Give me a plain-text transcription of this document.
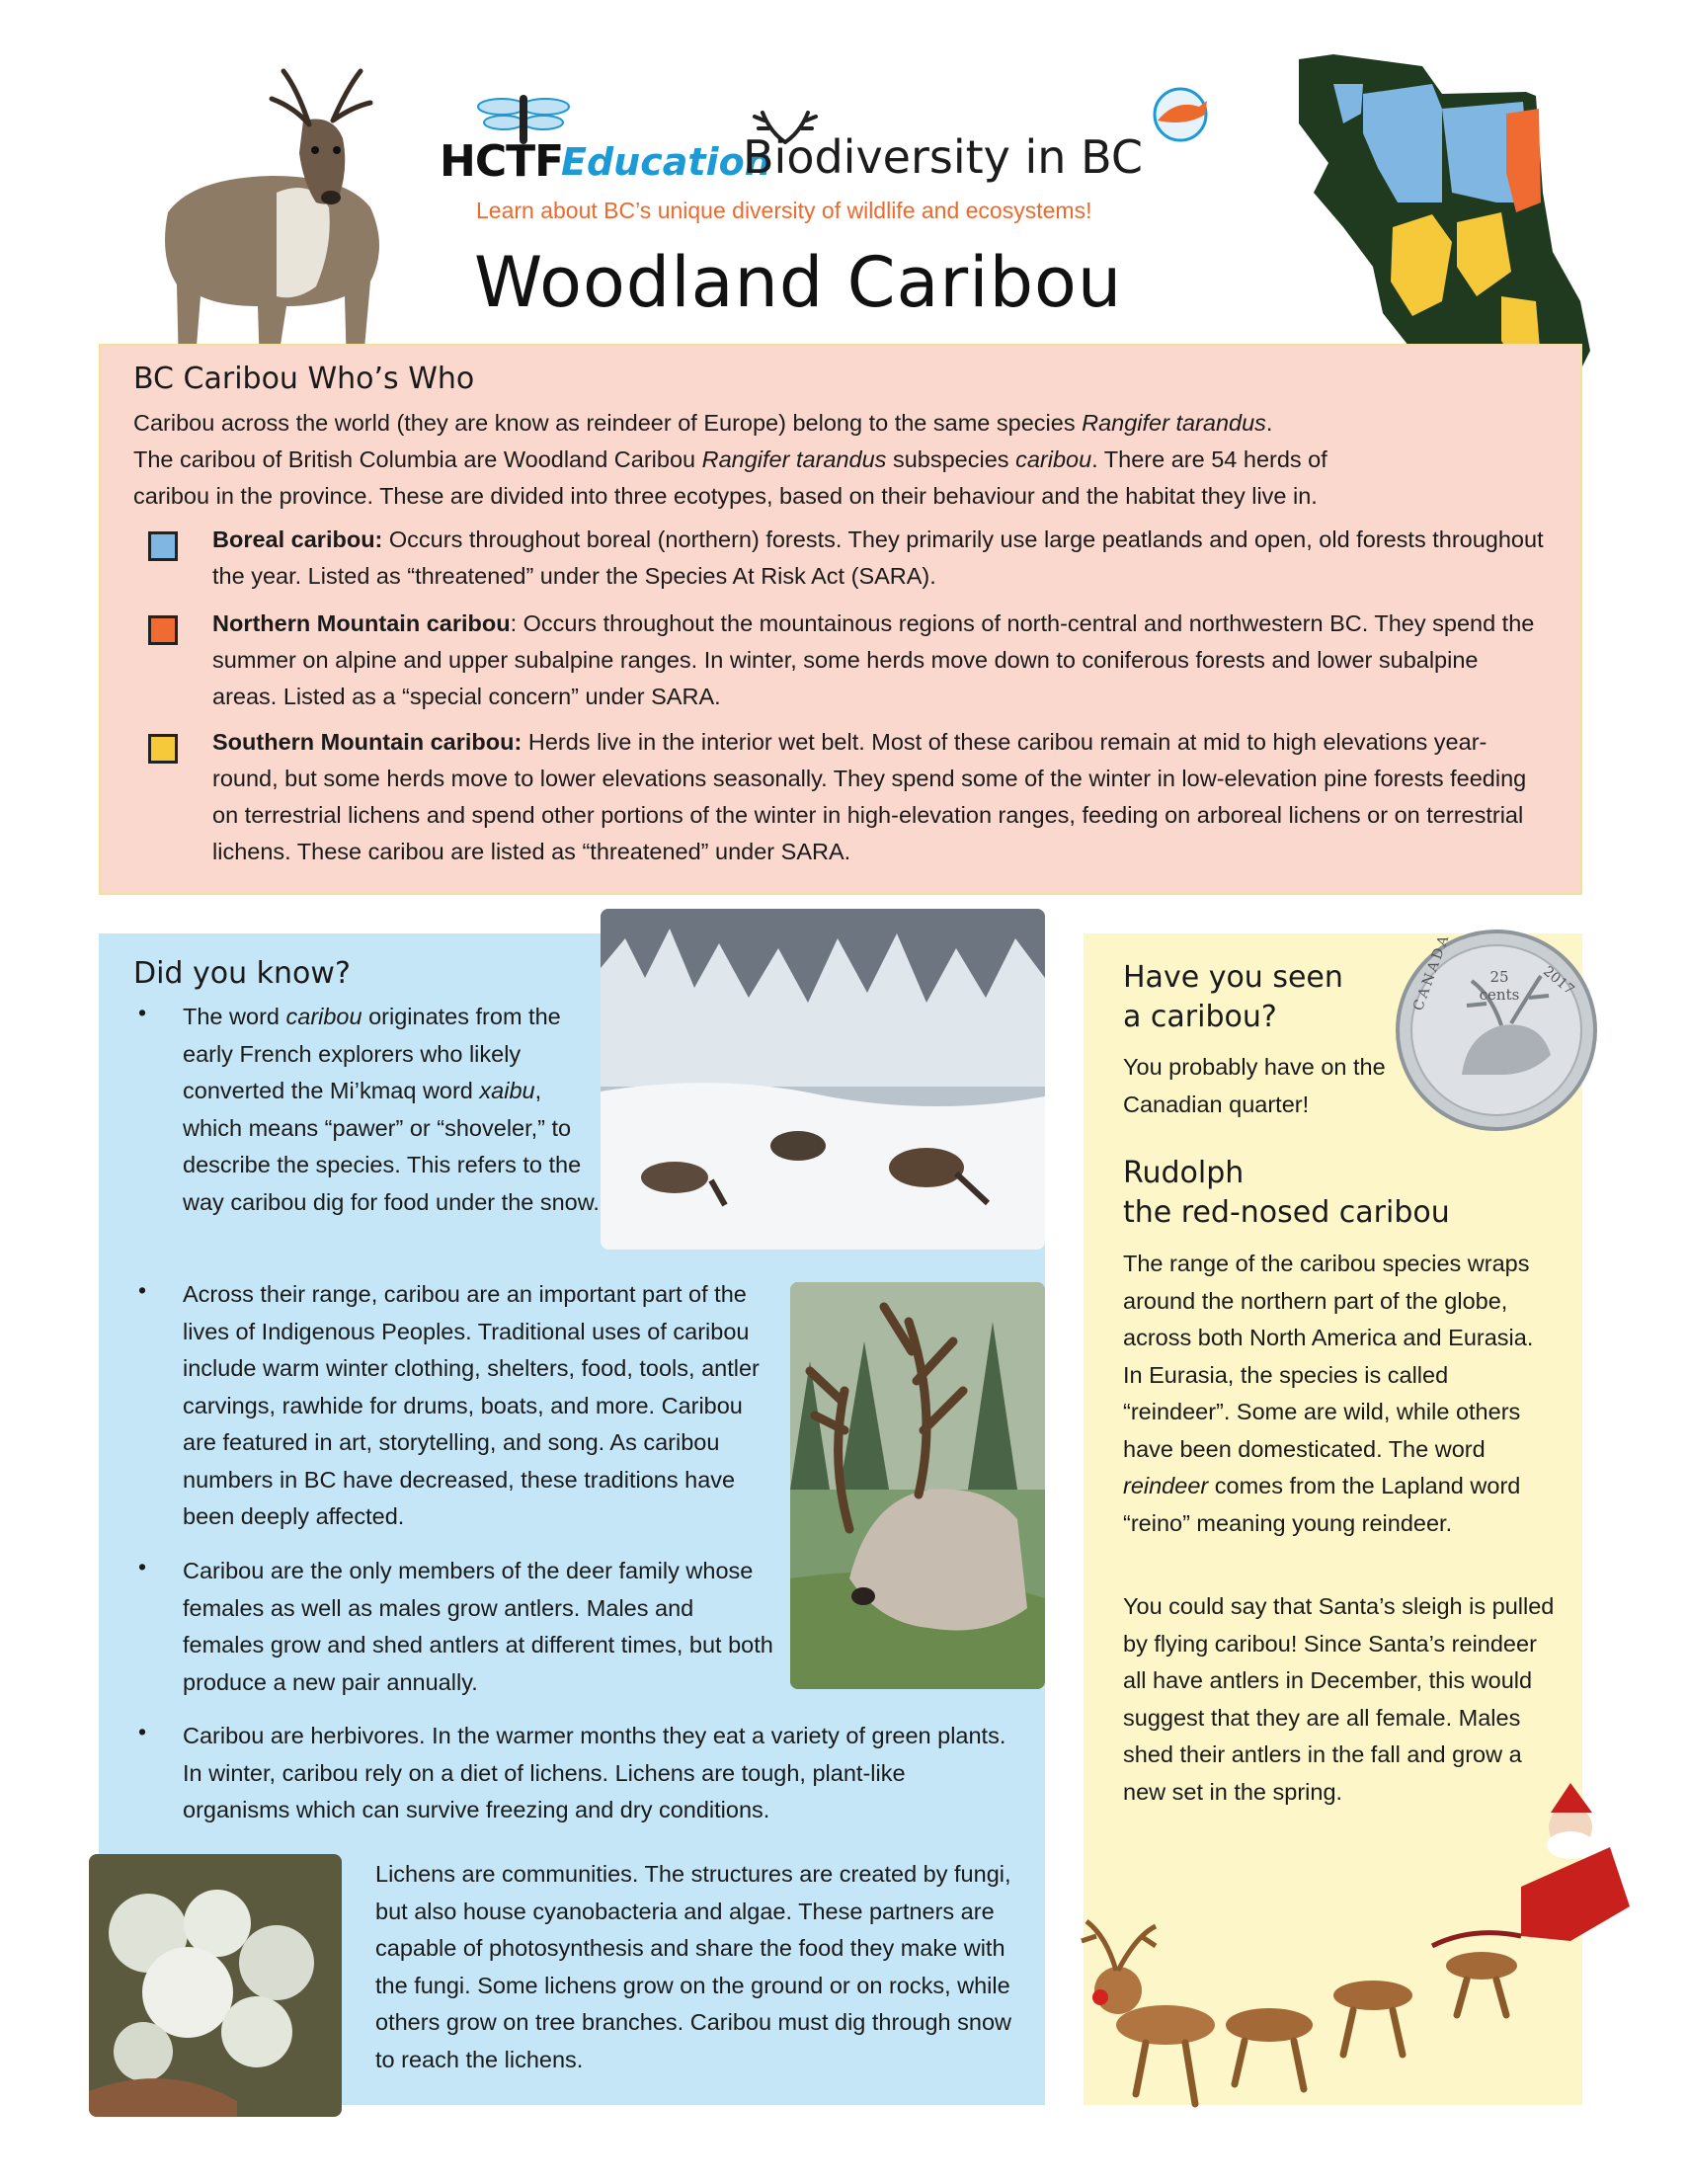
HCTF
Education
Biodiversity in BC
Learn about BC’s unique diversity of wildlife and ecosystems!
Woodland Caribou
BC Caribou Who’s Who
Caribou across the world (they are know as reindeer of Europe) belong to the same species Rangifer tarandus.
The caribou of British Columbia are Woodland Caribou Rangifer tarandus subspecies caribou. There are 54 herds of
caribou in the province. These are divided into three ecotypes, based on their behaviour and the habitat they live in.
Boreal caribou: Occurs throughout boreal (northern) forests. They primarily use large peatlands and open, old forests throughout the year. Listed as “threatened” under the Species At Risk Act (SARA).
Northern Mountain caribou: Occurs throughout the mountainous regions of north-central and northwestern BC. They spend the summer on alpine and upper subalpine ranges. In winter, some herds move down to coniferous forests and lower subalpine areas. Listed as a “special concern” under SARA.
Southern Mountain caribou: Herds live in the interior wet belt. Most of these caribou remain at mid to high elevations year-round, but some herds move to lower elevations seasonally. They spend some of the winter in low-elevation pine forests feeding on terrestrial lichens and spend other portions of the winter in high-elevation ranges, feeding on arboreal lichens or on terrestrial lichens. These caribou are listed as “threatened” under SARA.
Did you know?
• The word caribou originates from the early French explorers who likely converted the Mi’kmaq word xaibu, which means “pawer” or “shoveler,” to describe the species. This refers to the way caribou dig for food under the snow.
• Across their range, caribou are an important part of the lives of Indigenous Peoples. Traditional uses of caribou include warm winter clothing, shelters, food, tools, antler carvings, rawhide for drums, boats, and more. Caribou are featured in art, storytelling, and song. As caribou numbers in BC have decreased, these traditions have been deeply affected.
• Caribou are the only members of the deer family whose females as well as males grow antlers. Males and females grow and shed antlers at different times, but both produce a new pair annually.
• Caribou are herbivores. In the warmer months they eat a variety of green plants. In winter, caribou rely on a diet of lichens. Lichens are tough, plant-like organisms which can survive freezing and dry conditions.
Lichens are communities. The structures are created by fungi, but also house cyanobacteria and algae. These partners are capable of photosynthesis and share the food they make with the fungi. Some lichens grow on the ground or on rocks, while others grow on tree branches. Caribou must dig through snow to reach the lichens.
Have you seen
a caribou?
You probably have on the Canadian quarter!
25 cents
CANADA	2017
Rudolph
the red-nosed caribou
The range of the caribou species wraps around the northern part of the globe, across both North America and Eurasia. In Eurasia, the species is called “reindeer”. Some are wild, while others have been domesticated. The word reindeer comes from the Lapland word “reino” meaning young reindeer.
You could say that Santa’s sleigh is pulled by flying caribou! Since Santa’s reindeer all have antlers in December, this would suggest that they are all female. Males shed their antlers in the fall and grow a new set in the spring.
